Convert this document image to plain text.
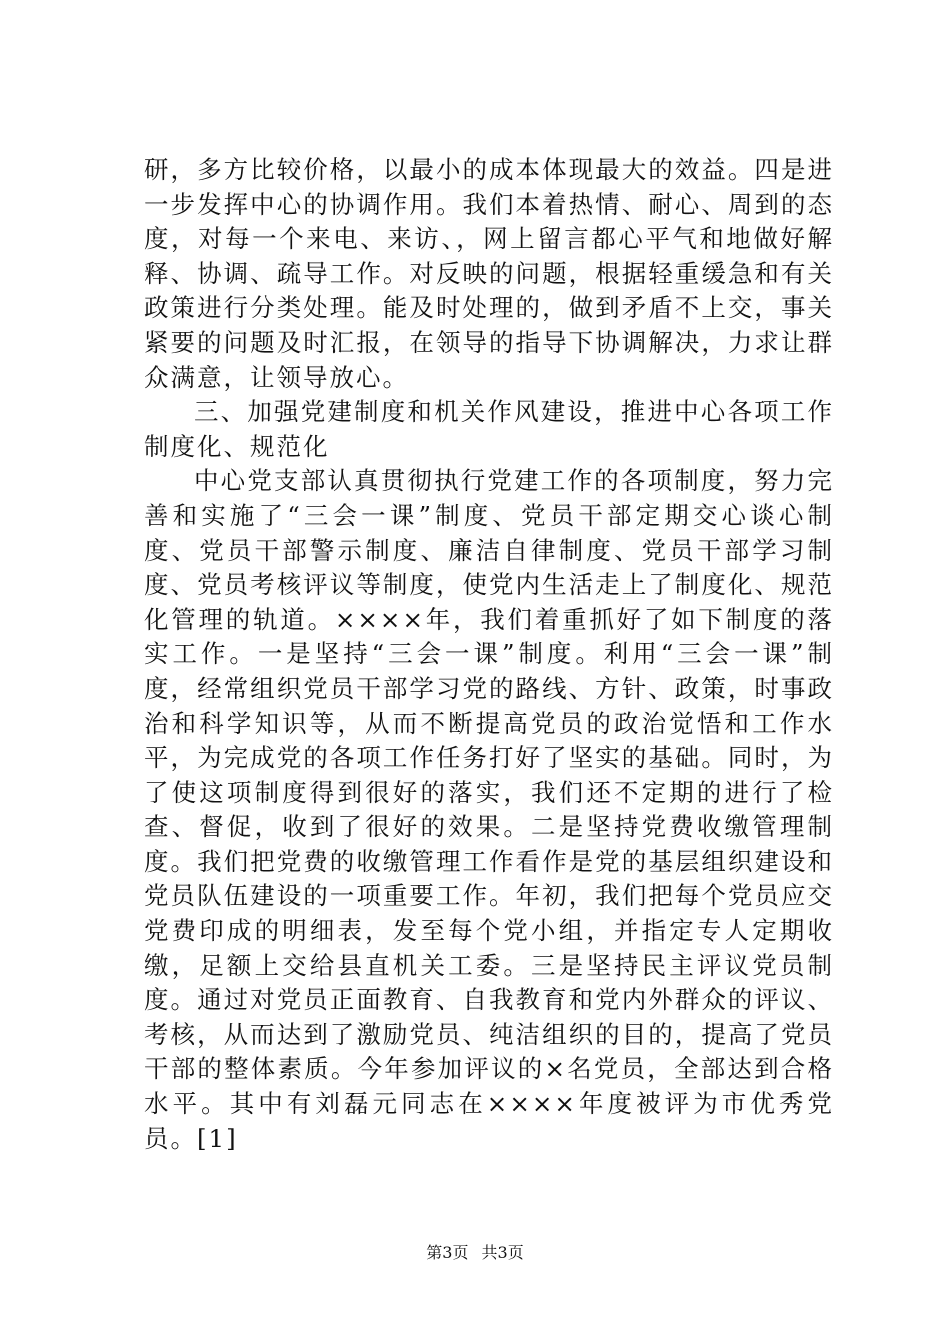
研，多方比较价格，以最小的成本体现最大的效益。四是进一步发挥中心的协调作用。我们本着热情、耐心、周到的态度，对每一个来电、来访、，网上留言都心平气和地做好解释、协调、疏导工作。对反映的问题，根据轻重缓急和有关政策进行分类处理。能及时处理的，做到矛盾不上交，事关紧要的问题及时汇报，在领导的指导下协调解决，力求让群众满意，让领导放心。

三、加强党建制度和机关作风建设，推进中心各项工作制度化、规范化

中心党支部认真贯彻执行党建工作的各项制度，努力完善和实施了“三会一课”制度、党员干部定期交心谈心制度、党员干部警示制度、廉洁自律制度、党员干部学习制度、党员考核评议等制度，使党内生活走上了制度化、规范化管理的轨道。××××年，我们着重抓好了如下制度的落实工作。一是坚持“三会一课”制度。利用“三会一课”制度，经常组织党员干部学习党的路线、方针、政策，时事政治和科学知识等，从而不断提高党员的政治觉悟和工作水平，为完成党的各项工作任务打好了坚实的基础。同时，为了使这项制度得到很好的落实，我们还不定期的进行了检查、督促，收到了很好的效果。二是坚持党费收缴管理制度。我们把党费的收缴管理工作看作是党的基层组织建设和党员队伍建设的一项重要工作。年初，我们把每个党员应交党费印成的明细表，发至每个党小组，并指定专人定期收缴，足额上交给县直机关工委。三是坚持民主评议党员制度。通过对党员正面教育、自我教育和党内外群众的评议、考核，从而达到了激励党员、纯洁组织的目的，提高了党员干部的整体素质。今年参加评议的×名党员，全部达到合格水平。其中有刘磊元同志在××××年度被评为市优秀党员。[1]

第3页 共3页
